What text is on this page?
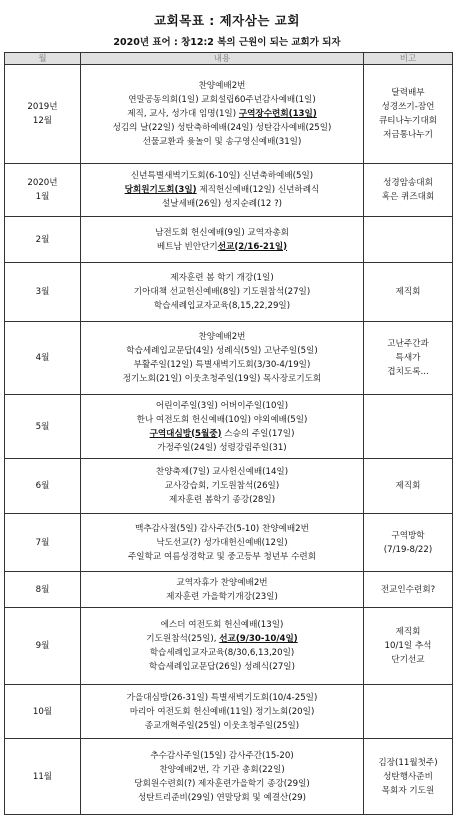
교회목표 : 제자삼는 교회
2020년 표어 : 창12:2 복의 근원이 되는 교회가 되자
월	내용	비고

2019년
12월	찬양예배2번
연말공동의회(1일) 교회설립60주년감사예배(1일)
제직, 교사, 성가대 임명(1일) 구역장수련회(13일)
성김의 날(22일) 성탄축하예배(24일) 성탄감사예배(25일)
선물교환과 윷놀이 및 송구영신예배(31일)	달력배부
성경쓰기-잠언
큐티나누기대회
저금통나누기

2020년
1월	신년특별새벽기도회(6-10일) 신년축하예배(5일)
당회원기도회(3일) 제직헌신예배(12일) 신년하례식
설날세배(26일) 성지순례(12 ?)	성경암송대회
혹은 퀴즈대회

2월	남전도회 헌신예배(9일) 교역자총회
베트남 빈안단기선교(2/16-21일)	

3월	제자훈련 봄 학기 개강(1일)
기아대책 선교헌신예배(8일) 기도원참석(27일)
학습세례입교자교육(8,15,22,29일)	제직회

4월	찬양예배2번
학습세례입교문답(4일) 성례식(5일) 고난주일(5일)
부활주일(12일) 특별새벽기도회(3/30-4/19일)
정기노회(21일) 이웃초청주일(19일) 목사장로기도회	고난주간과
특새가
겹치도록...

5월	어린이주일(3일) 어버이주일(10일)
한나 여전도회 헌신예배(10일) 야외예배(5일)
구역대심방(5월중) 스승의 주일(17일)
가정주일(24일) 성령강림주일(31)	

6월	찬양축제(7일) 교사헌신예배(14일)
교사강습회, 기도원참석(26일)
제자훈련 봄학기 종강(28일)	제직회

7월	맥추감사절(5일) 감사주간(5-10) 찬양예배2번
낙도선교(?) 성가대헌신예배(12일)
주일학교 여름성경학교 및 중고등부 청년부 수련회	구역방학
(7/19-8/22)

8월	교역자휴가 찬양예배2번
제자훈련 가을학기개강(23일)	전교인수련회?

9월	에스더 여전도회 헌신예배(13일)
기도원참석(25일), 선교(9/30-10/4일)
학습세례입교자교육(8/30,6,13,20일)
학습세례입교문답(26일) 성례식(27일)	제직회
10/1일 추석
단기선교

10월	가을대심방(26-31일) 특별새벽기도회(10/4-25일)
마리아 여전도회 헌신예배(11일) 정기노회(20일)
종교개혁주일(25일) 이웃초청주일(25일)	

11월	추수감사주일(15일) 감사주간(15-20)
찬양예배2번, 각 기관 총회(22일)
당회원수련회(?) 제자훈련가을학기 종강(29일)
성탄트리준비(29일) 연말당회 및 예결산(29)	김장(11월첫주)
성탄행사준비
목회자 기도원
